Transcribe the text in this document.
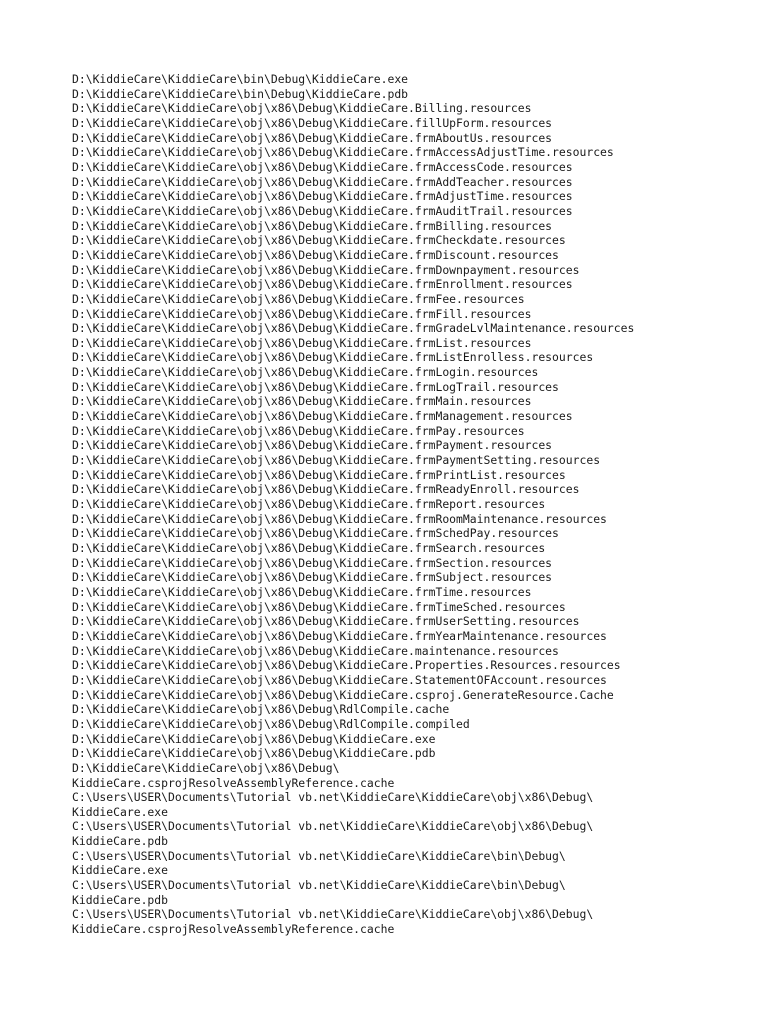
D:\KiddieCare\KiddieCare\bin\Debug\KiddieCare.exe
D:\KiddieCare\KiddieCare\bin\Debug\KiddieCare.pdb
D:\KiddieCare\KiddieCare\obj\x86\Debug\KiddieCare.Billing.resources
D:\KiddieCare\KiddieCare\obj\x86\Debug\KiddieCare.fillUpForm.resources
D:\KiddieCare\KiddieCare\obj\x86\Debug\KiddieCare.frmAboutUs.resources
D:\KiddieCare\KiddieCare\obj\x86\Debug\KiddieCare.frmAccessAdjustTime.resources
D:\KiddieCare\KiddieCare\obj\x86\Debug\KiddieCare.frmAccessCode.resources
D:\KiddieCare\KiddieCare\obj\x86\Debug\KiddieCare.frmAddTeacher.resources
D:\KiddieCare\KiddieCare\obj\x86\Debug\KiddieCare.frmAdjustTime.resources
D:\KiddieCare\KiddieCare\obj\x86\Debug\KiddieCare.frmAuditTrail.resources
D:\KiddieCare\KiddieCare\obj\x86\Debug\KiddieCare.frmBilling.resources
D:\KiddieCare\KiddieCare\obj\x86\Debug\KiddieCare.frmCheckdate.resources
D:\KiddieCare\KiddieCare\obj\x86\Debug\KiddieCare.frmDiscount.resources
D:\KiddieCare\KiddieCare\obj\x86\Debug\KiddieCare.frmDownpayment.resources
D:\KiddieCare\KiddieCare\obj\x86\Debug\KiddieCare.frmEnrollment.resources
D:\KiddieCare\KiddieCare\obj\x86\Debug\KiddieCare.frmFee.resources
D:\KiddieCare\KiddieCare\obj\x86\Debug\KiddieCare.frmFill.resources
D:\KiddieCare\KiddieCare\obj\x86\Debug\KiddieCare.frmGradeLvlMaintenance.resources
D:\KiddieCare\KiddieCare\obj\x86\Debug\KiddieCare.frmList.resources
D:\KiddieCare\KiddieCare\obj\x86\Debug\KiddieCare.frmListEnrolless.resources
D:\KiddieCare\KiddieCare\obj\x86\Debug\KiddieCare.frmLogin.resources
D:\KiddieCare\KiddieCare\obj\x86\Debug\KiddieCare.frmLogTrail.resources
D:\KiddieCare\KiddieCare\obj\x86\Debug\KiddieCare.frmMain.resources
D:\KiddieCare\KiddieCare\obj\x86\Debug\KiddieCare.frmManagement.resources
D:\KiddieCare\KiddieCare\obj\x86\Debug\KiddieCare.frmPay.resources
D:\KiddieCare\KiddieCare\obj\x86\Debug\KiddieCare.frmPayment.resources
D:\KiddieCare\KiddieCare\obj\x86\Debug\KiddieCare.frmPaymentSetting.resources
D:\KiddieCare\KiddieCare\obj\x86\Debug\KiddieCare.frmPrintList.resources
D:\KiddieCare\KiddieCare\obj\x86\Debug\KiddieCare.frmReadyEnroll.resources
D:\KiddieCare\KiddieCare\obj\x86\Debug\KiddieCare.frmReport.resources
D:\KiddieCare\KiddieCare\obj\x86\Debug\KiddieCare.frmRoomMaintenance.resources
D:\KiddieCare\KiddieCare\obj\x86\Debug\KiddieCare.frmSchedPay.resources
D:\KiddieCare\KiddieCare\obj\x86\Debug\KiddieCare.frmSearch.resources
D:\KiddieCare\KiddieCare\obj\x86\Debug\KiddieCare.frmSection.resources
D:\KiddieCare\KiddieCare\obj\x86\Debug\KiddieCare.frmSubject.resources
D:\KiddieCare\KiddieCare\obj\x86\Debug\KiddieCare.frmTime.resources
D:\KiddieCare\KiddieCare\obj\x86\Debug\KiddieCare.frmTimeSched.resources
D:\KiddieCare\KiddieCare\obj\x86\Debug\KiddieCare.frmUserSetting.resources
D:\KiddieCare\KiddieCare\obj\x86\Debug\KiddieCare.frmYearMaintenance.resources
D:\KiddieCare\KiddieCare\obj\x86\Debug\KiddieCare.maintenance.resources
D:\KiddieCare\KiddieCare\obj\x86\Debug\KiddieCare.Properties.Resources.resources
D:\KiddieCare\KiddieCare\obj\x86\Debug\KiddieCare.StatementOFAccount.resources
D:\KiddieCare\KiddieCare\obj\x86\Debug\KiddieCare.csproj.GenerateResource.Cache
D:\KiddieCare\KiddieCare\obj\x86\Debug\RdlCompile.cache
D:\KiddieCare\KiddieCare\obj\x86\Debug\RdlCompile.compiled
D:\KiddieCare\KiddieCare\obj\x86\Debug\KiddieCare.exe
D:\KiddieCare\KiddieCare\obj\x86\Debug\KiddieCare.pdb
D:\KiddieCare\KiddieCare\obj\x86\Debug\
KiddieCare.csprojResolveAssemblyReference.cache
C:\Users\USER\Documents\Tutorial vb.net\KiddieCare\KiddieCare\obj\x86\Debug\
KiddieCare.exe
C:\Users\USER\Documents\Tutorial vb.net\KiddieCare\KiddieCare\obj\x86\Debug\
KiddieCare.pdb
C:\Users\USER\Documents\Tutorial vb.net\KiddieCare\KiddieCare\bin\Debug\
KiddieCare.exe
C:\Users\USER\Documents\Tutorial vb.net\KiddieCare\KiddieCare\bin\Debug\
KiddieCare.pdb
C:\Users\USER\Documents\Tutorial vb.net\KiddieCare\KiddieCare\obj\x86\Debug\
KiddieCare.csprojResolveAssemblyReference.cache
